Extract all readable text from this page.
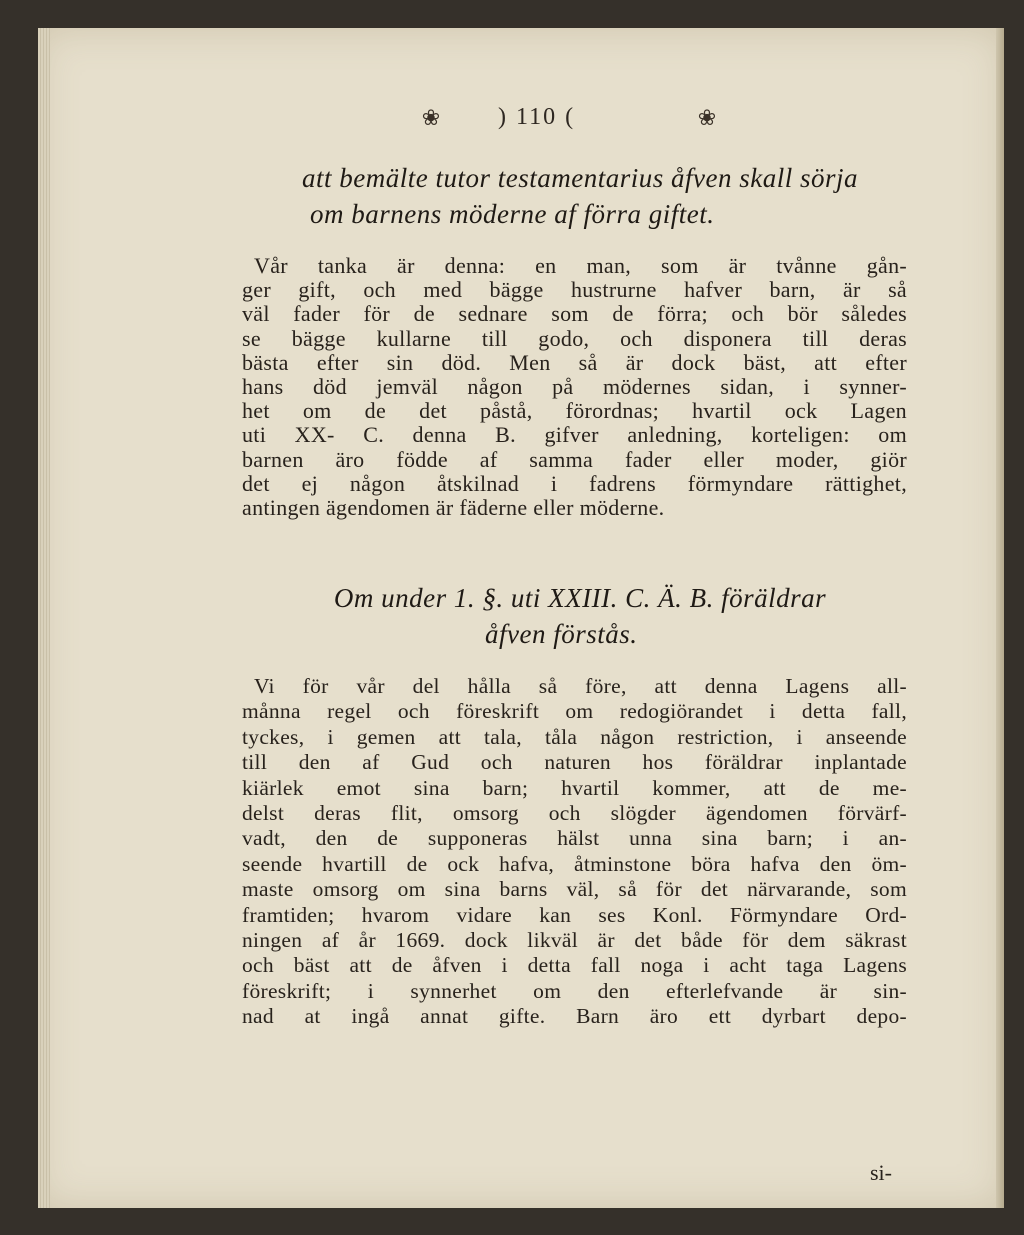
❀ ) 110 (	❀
att bemälte tutor testamentarius åfven skall sörja
om barnens möderne af förra giftet.
Vår tanka är denna: en man, som är tvånne gån-
ger gift, och med bägge hustrurne hafver barn, är så
väl fader för de sednare som de förra; och bör således
se bägge kullarne till godo, och disponera till deras
bästa efter sin död. Men så är dock bäst, att efter
hans död jemväl någon på mödernes sidan, i synner-
het om de det påstå, förordnas; hvartil ock Lagen
uti XX- C. denna B. gifver anledning, korteligen: om
barnen äro födde af samma fader eller moder, giör
det ej någon åtskilnad i fadrens förmyndare rättighet,
antingen ägendomen är fäderne eller möderne.
Om under 1. §. uti XXIII. C. Ä. B. föräldrar
åfven förstås.
Vi för vår del hålla så före, att denna Lagens all-
månna regel och föreskrift om redogiörandet i detta fall,
tyckes, i gemen att tala, tåla någon restriction, i anseende
till den af Gud och naturen hos föräldrar inplantade
kiärlek emot sina barn; hvartil kommer, att de me-
delst deras flit, omsorg och slögder ägendomen förvärf-
vadt, den de supponeras hälst unna sina barn; i an-
seende hvartill de ock hafva, åtminstone böra hafva den öm-
maste omsorg om sina barns väl, så för det närvarande, som
framtiden; hvarom vidare kan ses Konl. Förmyndare Ord-
ningen af år 1669. dock likväl är det både för dem säkrast
och bäst att de åfven i detta fall noga i acht taga Lagens
föreskrift; i synnerhet om den efterlefvande är sin-
nad at ingå annat gifte. Barn äro ett dyrbart depo-
si-
